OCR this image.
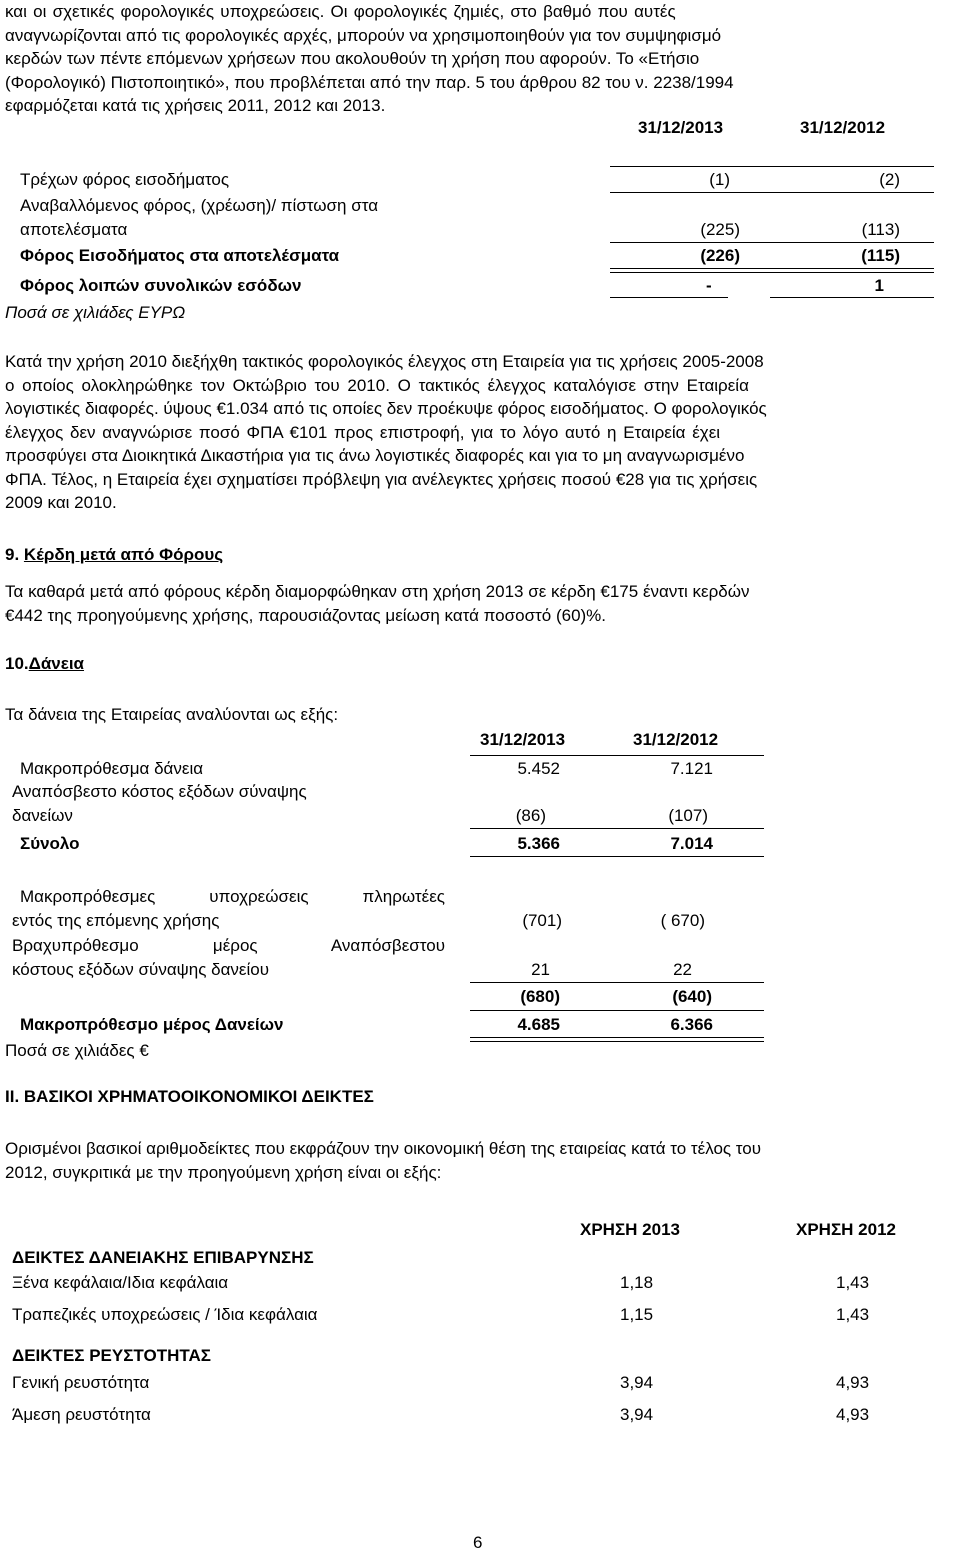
και οι σχετικές φορολογικές υποχρεώσεις. Οι φορολογικές ζημιές, στο βαθμό που αυτές
αναγνωρίζονται από τις φορολογικές αρχές, μπορούν να χρησιμοποιηθούν για τον συμψηφισμό
κερδών των πέντε επόμενων χρήσεων που ακολουθούν τη χρήση που αφορούν. Το «Ετήσιο
(Φορολογικό) Πιστοποιητικό», που προβλέπεται από την παρ. 5 του άρθρου 82 του ν. 2238/1994
εφαρμόζεται κατά τις χρήσεις 2011, 2012 και 2013.
31/12/2013	31/12/2012
Τρέχων φόρος εισοδήματος	(1)	(2)
Αναβαλλόμενος φόρος, (χρέωση)/ πίστωση στα
αποτελέσματα	(225)	(113)
Φόρος Εισοδήματος στα αποτελέσματα	(226)	(115)
Φόρος λοιπών συνολικών εσόδων	-	1
Ποσά σε χιλιάδες ΕΥΡΩ
Κατά την χρήση 2010 διεξήχθη τακτικός φορολογικός έλεγχος στη Εταιρεία για τις χρήσεις 2005-2008
ο οποίος ολοκληρώθηκε τον Οκτώβριο του 2010. Ο τακτικός έλεγχος καταλόγισε στην Εταιρεία
λογιστικές διαφορές. ύψους €1.034 από τις οποίες δεν προέκυψε φόρος εισοδήματος. Ο φορολογικός
έλεγχος δεν αναγνώρισε ποσό ΦΠΑ €101 προς επιστροφή, για το λόγο αυτό η Εταιρεία έχει
προσφύγει στα Διοικητικά Δικαστήρια για τις άνω λογιστικές διαφορές και για το μη αναγνωρισμένο
ΦΠΑ. Τέλος, η Εταιρεία έχει σχηματίσει πρόβλεψη για ανέλεγκτες χρήσεις ποσού €28 για τις χρήσεις
2009 και 2010.
9. Κέρδη μετά από Φόρους
Τα καθαρά μετά από φόρους κέρδη διαμορφώθηκαν στη χρήση 2013 σε κέρδη €175 έναντι κερδών
€442 της προηγούμενης χρήσης, παρουσιάζοντας μείωση κατά ποσοστό (60)%.
10.Δάνεια
Τα δάνεια της Εταιρείας αναλύονται ως εξής:
31/12/2013	31/12/2012
Μακροπρόθεσμα δάνεια	5.452	7.121
Αναπόσβεστο κόστος εξόδων σύναψης
δανείων	(86)	(107)
Σύνολο	5.366	7.014
Μακροπρόθεσμες υποχρεώσεις πληρωτέες
εντός της επόμενης χρήσης	(701)	( 670)
Βραχυπρόθεσμο μέρος Αναπόσβεστου
κόστους εξόδων σύναψης δανείου	21	22
(680)	(640)
Μακροπρόθεσμο μέρος Δανείων	4.685	6.366
Ποσά σε χιλιάδες €
II. ΒΑΣΙΚΟΙ ΧΡΗΜΑΤΟΟΙΚΟΝΟΜΙΚΟΙ ΔΕΙΚΤΕΣ
Ορισμένοι βασικοί αριθμοδείκτες που εκφράζουν την οικονομική θέση της εταιρείας κατά το τέλος του
2012, συγκριτικά με την προηγούμενη χρήση είναι οι εξής:
ΧΡΗΣΗ 2013	ΧΡΗΣΗ 2012
ΔΕΙΚΤΕΣ ΔΑΝΕΙΑΚΗΣ ΕΠΙΒΑΡΥΝΣΗΣ
Ξένα κεφάλαια/Ιδια κεφάλαια	1,18	1,43
Τραπεζικές υποχρεώσεις / Ίδια κεφάλαια	1,15	1,43
ΔΕΙΚΤΕΣ ΡΕΥΣΤΟΤΗΤΑΣ
Γενική ρευστότητα	3,94	4,93
Άμεση ρευστότητα	3,94	4,93
6
